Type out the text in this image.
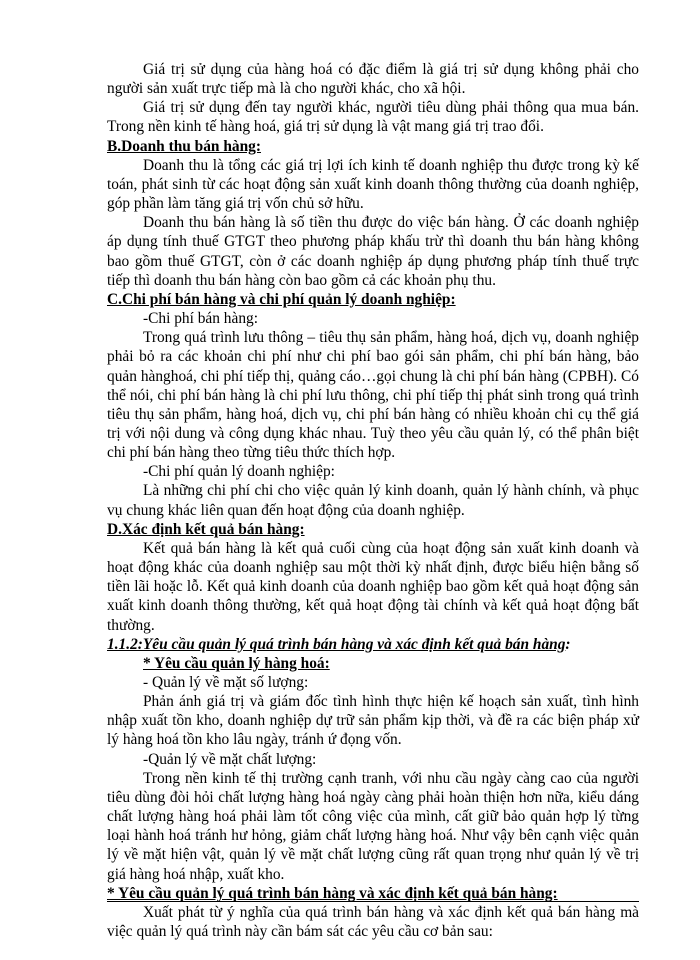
Giá trị sử dụng của hàng hoá có đặc điểm là giá trị sử dụng không phải cho người sản xuất trực tiếp mà là cho người khác, cho xã hội.

Giá trị sử dụng đến tay người khác, người tiêu dùng phải thông qua mua bán. Trong nền kinh tế hàng hoá, giá trị sử dụng là vật mang giá trị trao đổi.

B.Doanh thu bán hàng:

Doanh thu là tổng các giá trị lợi ích kinh tế doanh nghiệp thu được trong kỳ kế toán, phát sinh từ các hoạt động sản xuất kinh doanh thông thường của doanh nghiệp, góp phần làm tăng giá trị vốn chủ sở hữu.

Doanh thu bán hàng là số tiền thu được do việc bán hàng. Ở các doanh nghiệp áp dụng tính thuế GTGT theo phương pháp khấu trừ thì doanh thu bán hàng không bao gồm thuế GTGT, còn ở các doanh nghiệp áp dụng phương pháp tính thuế trực tiếp thì doanh thu bán hàng còn bao gồm cả các khoản phụ thu.

C.Chi phí bán hàng và chi phí quản lý doanh nghiệp:

-Chi phí bán hàng:

Trong quá trình lưu thông – tiêu thụ sản phẩm, hàng hoá, dịch vụ, doanh nghiệp phải bỏ ra các khoản chi phí như chi phí bao gói sản phẩm, chi phí bán hàng, bảo quản hànghoá, chi phí tiếp thị, quảng cáo…gọi chung là chi phí bán hàng (CPBH). Có thể nói, chi phí bán hàng là chi phí lưu thông, chi phí tiếp thị phát sinh trong quá trình tiêu thụ sản phẩm, hàng hoá, dịch vụ, chi phí bán hàng có nhiều khoản chi cụ thể giá trị với nội dung và công dụng khác nhau. Tuỳ theo yêu cầu quản lý, có thể phân biệt chi phí bán hàng theo từng tiêu thức thích hợp.

-Chi phí quản lý doanh nghiệp:

Là những chi phí chi cho việc quản lý kinh doanh, quản lý hành chính, và phục vụ chung khác liên quan đến hoạt động của doanh nghiệp.

D.Xác định kết quả bán hàng:

Kết quả bán hàng là kết quả cuối cùng của hoạt động sản xuất kinh doanh và hoạt động khác của doanh nghiệp sau một thời kỳ nhất định, được biểu hiện bằng số tiền lãi hoặc lỗ. Kết quả kinh doanh của doanh nghiệp bao gồm kết quả hoạt động sản xuất kinh doanh thông thường, kết quả hoạt động tài chính và kết quả hoạt động bất thường.

1.1.2:Yêu cầu quản lý quá trình bán hàng và xác định kết quả bán hàng:

* Yêu cầu quản lý hàng hoá:

- Quản lý về mặt số lượng:

Phản ánh giá trị và giám đốc tình hình thực hiện kế hoạch sản xuất, tình hình nhập xuất tồn kho, doanh nghiệp dự trữ sản phẩm kịp thời, và đề ra các biện pháp xử lý hàng hoá tồn kho lâu ngày, tránh ứ đọng vốn.

-Quản lý về mặt chất lượng:

Trong nền kinh tế thị trường cạnh tranh, với nhu cầu ngày càng cao của người tiêu dùng đòi hỏi chất lượng hàng hoá ngày càng phải hoàn thiện hơn nữa, kiểu dáng chất lượng hàng hoá phải làm tốt công việc của mình, cất giữ bảo quản hợp lý từng loại hành hoá tránh hư hỏng, giảm chất lượng hàng hoá. Như vậy bên cạnh việc quản lý về mặt hiện vật, quản lý về mặt chất lượng cũng rất quan trọng như quản lý về trị giá hàng hoá nhập, xuất kho.

* Yêu cầu quản lý quá trình bán hàng và xác định kết quả bán hàng:

Xuất phát từ ý nghĩa của quá trình bán hàng và xác định kết quả bán hàng mà việc quản lý quá trình này cần bám sát các yêu cầu cơ bản sau:
